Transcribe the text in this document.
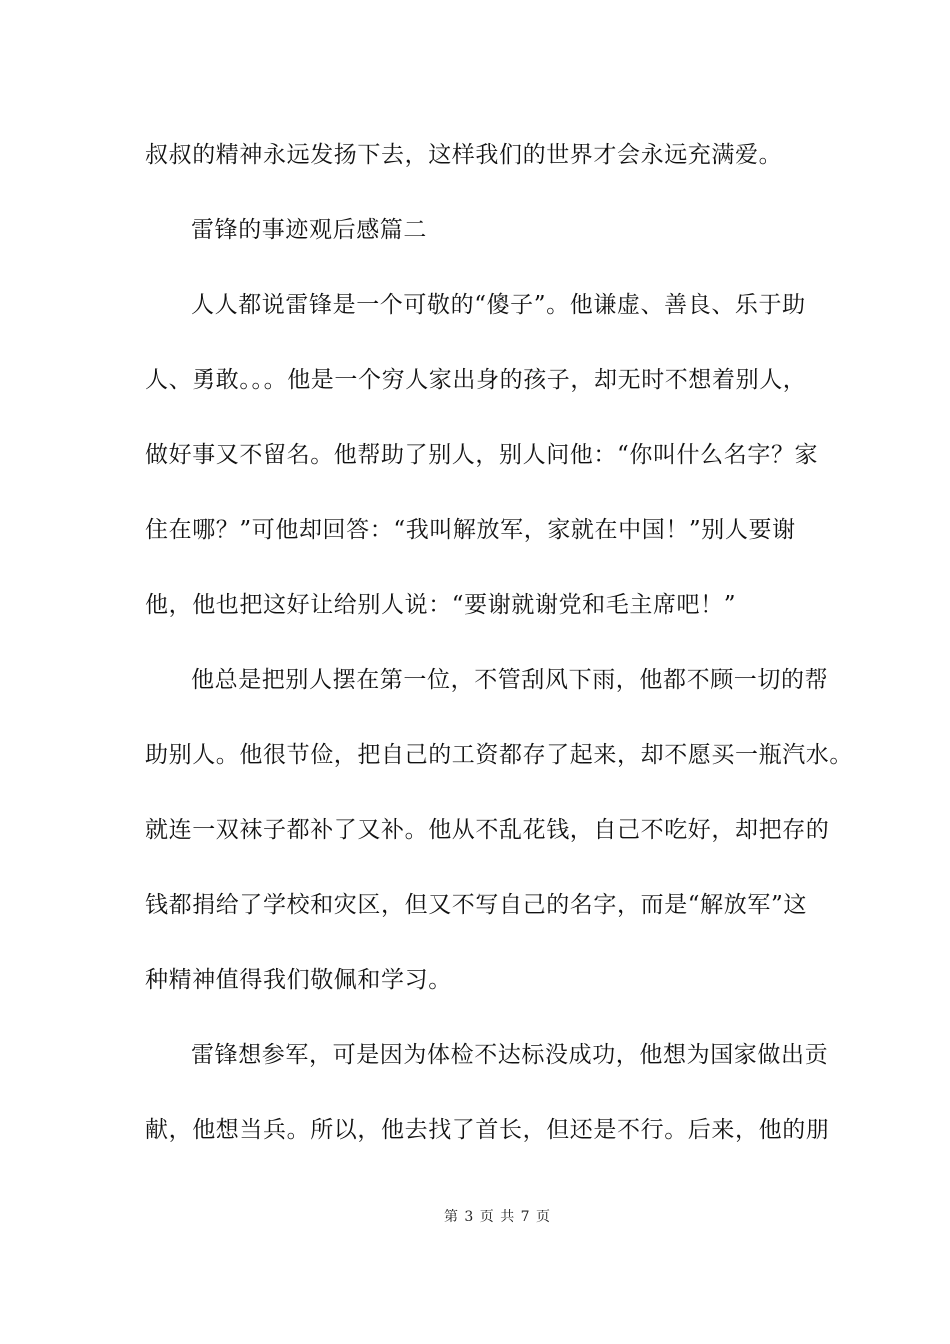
叔叔的精神永远发扬下去，这样我们的世界才会永远充满爱。
雷锋的事迹观后感篇二
人人都说雷锋是一个可敬的“傻子”。他谦虚、善良、乐于助
人、勇敢。。。他是一个穷人家出身的孩子，却无时不想着别人，
做好事又不留名。他帮助了别人，别人问他：“你叫什么名字？家
住在哪？”可他却回答：“我叫解放军，家就在中国！”别人要谢
他，他也把这好让给别人说：“要谢就谢党和毛主席吧！”
他总是把别人摆在第一位，不管刮风下雨，他都不顾一切的帮
助别人。他很节俭，把自己的工资都存了起来，却不愿买一瓶汽水。
就连一双袜子都补了又补。他从不乱花钱，自己不吃好，却把存的
钱都捐给了学校和灾区，但又不写自己的名字，而是“解放军”这
种精神值得我们敬佩和学习。
雷锋想参军，可是因为体检不达标没成功，他想为国家做出贡
献，他想当兵。所以，他去找了首长，但还是不行。后来，他的朋
第 3 页 共 7 页
